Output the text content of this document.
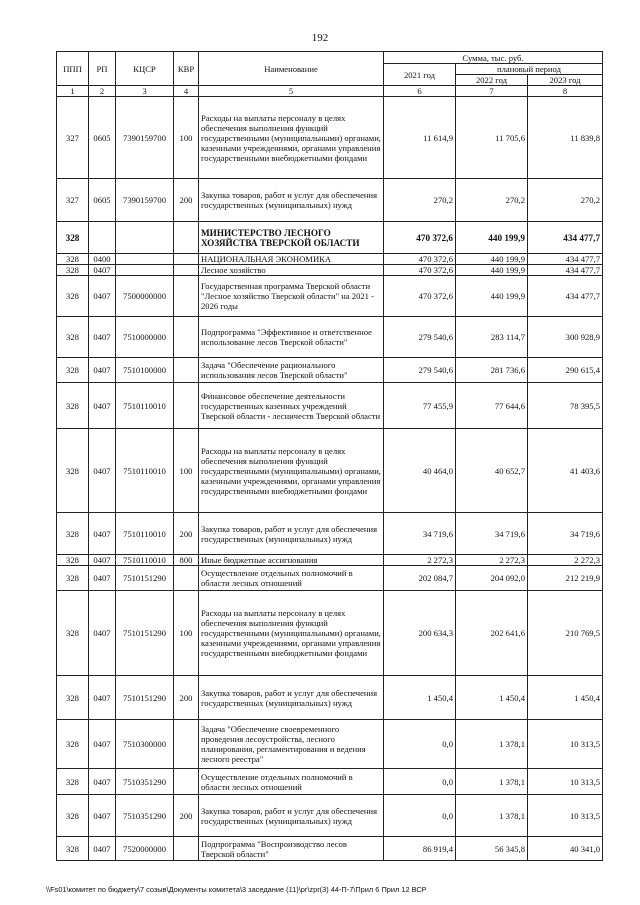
192
ППП	РП	КЦСР	КВР	Наименование	Сумма, тыс. руб.		
					2021 год	плановый период	
						2022 год	2023 год
1	2	3	4	5	6	7	8
327	0605	7390159700	100	Расходы на выплаты персоналу в целях обеспечения выполнения функций государственными (муниципальными) органами, казенными учреждениями, органами управления государственными внебюджетными фондами	11 614,9	11 705,6	11 839,8
327	0605	7390159700	200	Закупка товаров, работ и услуг для обеспечения государственных (муниципальных) нужд	270,2	270,2	270,2
328				МИНИСТЕРСТВО ЛЕСНОГО ХОЗЯЙСТВА ТВЕРСКОЙ ОБЛАСТИ	470 372,6	440 199,9	434 477,7
328	0400			НАЦИОНАЛЬНАЯ ЭКОНОМИКА	470 372,6	440 199,9	434 477,7
328	0407			Лесное хозяйство	470 372,6	440 199,9	434 477,7
328	0407	7500000000		Государственная программа Тверской области "Лесное хозяйство Тверской области" на 2021 - 2026 годы	470 372,6	440 199,9	434 477,7
328	0407	7510000000		Подпрограмма "Эффективное и ответственное использование лесов Тверской области"	279 540,6	283 114,7	300 928,9
328	0407	7510100000		Задача "Обеспечение рационального использования лесов Тверской области"	279 540,6	281 736,6	290 615,4
328	0407	7510110010		Финансовое обеспечение деятельности государственных казенных учреждений Тверской области - лесничеств Тверской области	77 455,9	77 644,6	78 395,5
328	0407	7510110010	100	Расходы на выплаты персоналу в целях обеспечения выполнения функций государственными (муниципальными) органами, казенными учреждениями, органами управления государственными внебюджетными фондами	40 464,0	40 652,7	41 403,6
328	0407	7510110010	200	Закупка товаров, работ и услуг для обеспечения государственных (муниципальных) нужд	34 719,6	34 719,6	34 719,6
328	0407	7510110010	800	Иные бюджетные ассигнования	2 272,3	2 272,3	2 272,3
328	0407	7510151290		Осуществление отдельных полномочий в области лесных отношений	202 084,7	204 092,0	212 219,9
328	0407	7510151290	100	Расходы на выплаты персоналу в целях обеспечения выполнения функций государственными (муниципальными) органами, казенными учреждениями, органами управления государственными внебюджетными фондами	200 634,3	202 641,6	210 769,5
328	0407	7510151290	200	Закупка товаров, работ и услуг для обеспечения государственных (муниципальных) нужд	1 450,4	1 450,4	1 450,4
328	0407	7510300000		Задача "Обеспечение своевременного проведения лесоустройства, лесного планирования, регламентирования и ведения лесного реестра"	0,0	1 378,1	10 313,5
328	0407	7510351290		Осуществление отдельных полномочий в области лесных отношений	0,0	1 378,1	10 313,5
328	0407	7510351290	200	Закупка товаров, работ и услуг для обеспечения государственных (муниципальных) нужд	0,0	1 378,1	10 313,5
328	0407	7520000000		Подпрограмма "Воспроизводство лесов Тверской области"	86 919,4	56 345,8	40 341,0
\\Fs01\комитет по бюджету\7 созыв\Документы комитета\3 заседание (11)\pr\zpr(3) 44-П-7\Прил 6 Прил 12 ВСР
